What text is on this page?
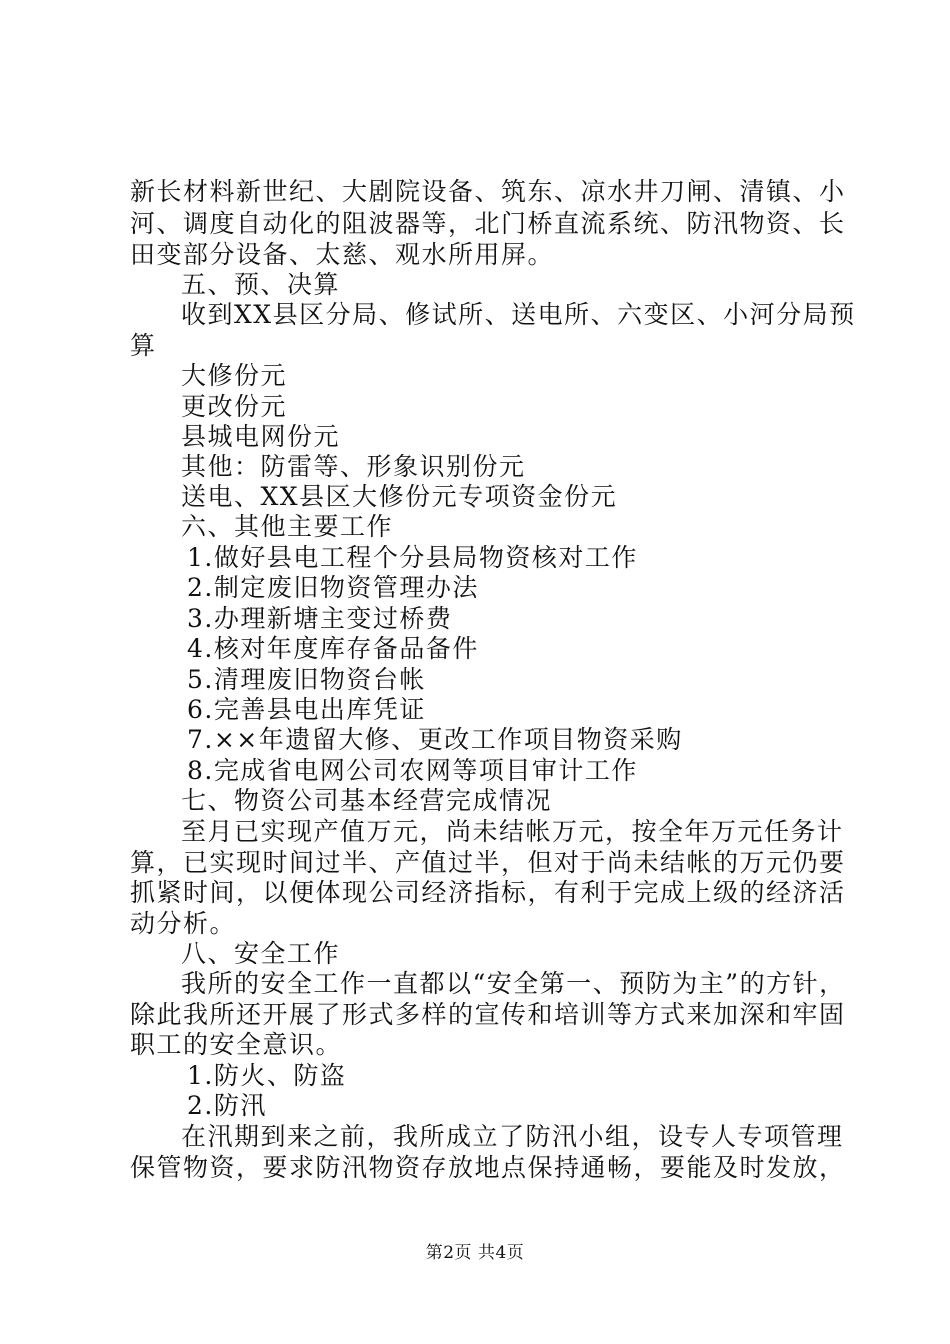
新长材料新世纪、大剧院设备、筑东、凉水井刀闸、清镇、小
河、调度自动化的阻波器等，北门桥直流系统、防汛物资、长
田变部分设备、太慈、观水所用屏。
五、预、决算
收到XX县区分局、修试所、送电所、六变区、小河分局预
算
大修份元
更改份元
县城电网份元
其他：防雷等、形象识别份元
送电、XX县区大修份元专项资金份元
六、其他主要工作
1.做好县电工程个分县局物资核对工作
2.制定废旧物资管理办法
3.办理新塘主变过桥费
4.核对年度库存备品备件
5.清理废旧物资台帐
6.完善县电出库凭证
7.××年遗留大修、更改工作项目物资采购
8.完成省电网公司农网等项目审计工作
七、物资公司基本经营完成情况
至月已实现产值万元，尚未结帐万元，按全年万元任务计
算，已实现时间过半、产值过半，但对于尚未结帐的万元仍要
抓紧时间，以便体现公司经济指标，有利于完成上级的经济活
动分析。
八、安全工作
我所的安全工作一直都以“安全第一、预防为主”的方针，
除此我所还开展了形式多样的宣传和培训等方式来加深和牢固
职工的安全意识。
1.防火、防盗
2.防汛
在汛期到来之前，我所成立了防汛小组，设专人专项管理
保管物资，要求防汛物资存放地点保持通畅，要能及时发放，
第2页 共4页
